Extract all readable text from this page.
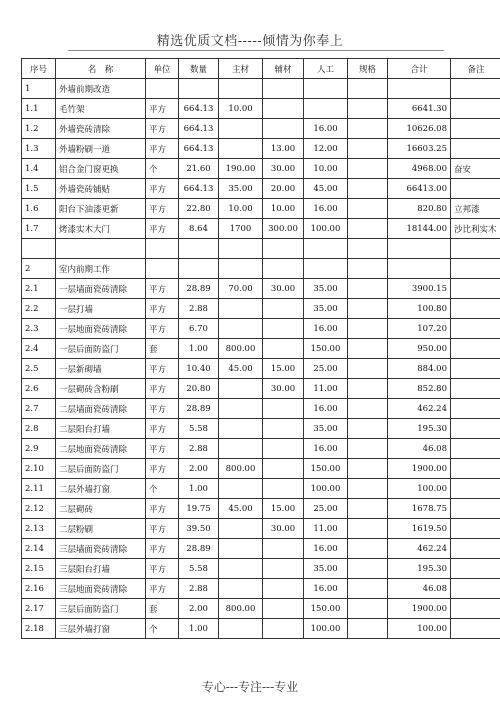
精选优质文档-----倾情为你奉上
序号	名　称	单位	数量	主材	辅材	人工	规格	合计	备注
1	外墙前期改造								
1.1	毛竹架	平方	664.13	10.00				6641.30	
1.2	外墙瓷砖清除	平方	664.13			16.00		10626.08	
1.3	外墙粉刷一道	平方	664.13		13.00	12.00		16603.25	
1.4	铝合金门窗更换	个	21.60	190.00	30.00	10.00		4968.00	奋安
1.5	外墙瓷砖铺贴	平方	664.13	35.00	20.00	45.00		66413.00	
1.6	阳台下油漆更新	平方	22.80	10.00	10.00	16.00		820.80	立邦漆
1.7	烤漆实木大门	平方	8.64	1700	300.00	100.00		18144.00	沙比利实木

2	室内前期工作								
2.1	一层墙面瓷砖清除	平方	28.89	70.00	30.00	35.00		3900.15	
2.2	一层打墙	平方	2.88			35.00		100.80	
2.3	一层地面瓷砖清除	平方	6.70			16.00		107.20	
2.4	一层后面防盗门	套	1.00	800.00		150.00		950.00	
2.5	一层新砌墙	平方	10.40	45.00	15.00	25.00		884.00	
2.6	一层砌砖含粉刷	平方	20.80		30.00	11.00		852.80	
2.7	二层墙面瓷砖清除	平方	28.89			16.00		462.24	
2.8	二层阳台打墙	平方	5.58			35.00		195.30	
2.9	二层地面瓷砖清除	平方	2.88			16.00		46.08	
2.10	二层后面防盗门	平方	2.00	800.00		150.00		1900.00	
2.11	二层外墙打窗	个	1.00			100.00		100.00	
2.12	二层砌砖	平方	19.75	45.00	15.00	25.00		1678.75	
2.13	二层粉刷	平方	39.50		30.00	11.00		1619.50	
2.14	三层墙面瓷砖清除	平方	28.89			16.00		462.24	
2.15	三层阳台打墙	平方	5.58			35.00		195.30	
2.16	三层地面瓷砖清除	平方	2.88			16.00		46.08	
2.17	三层后面防盗门	套	2.00	800.00		150.00		1900.00	
2.18	三层外墙打窗	个	1.00			100.00		100.00	
专心---专注---专业
